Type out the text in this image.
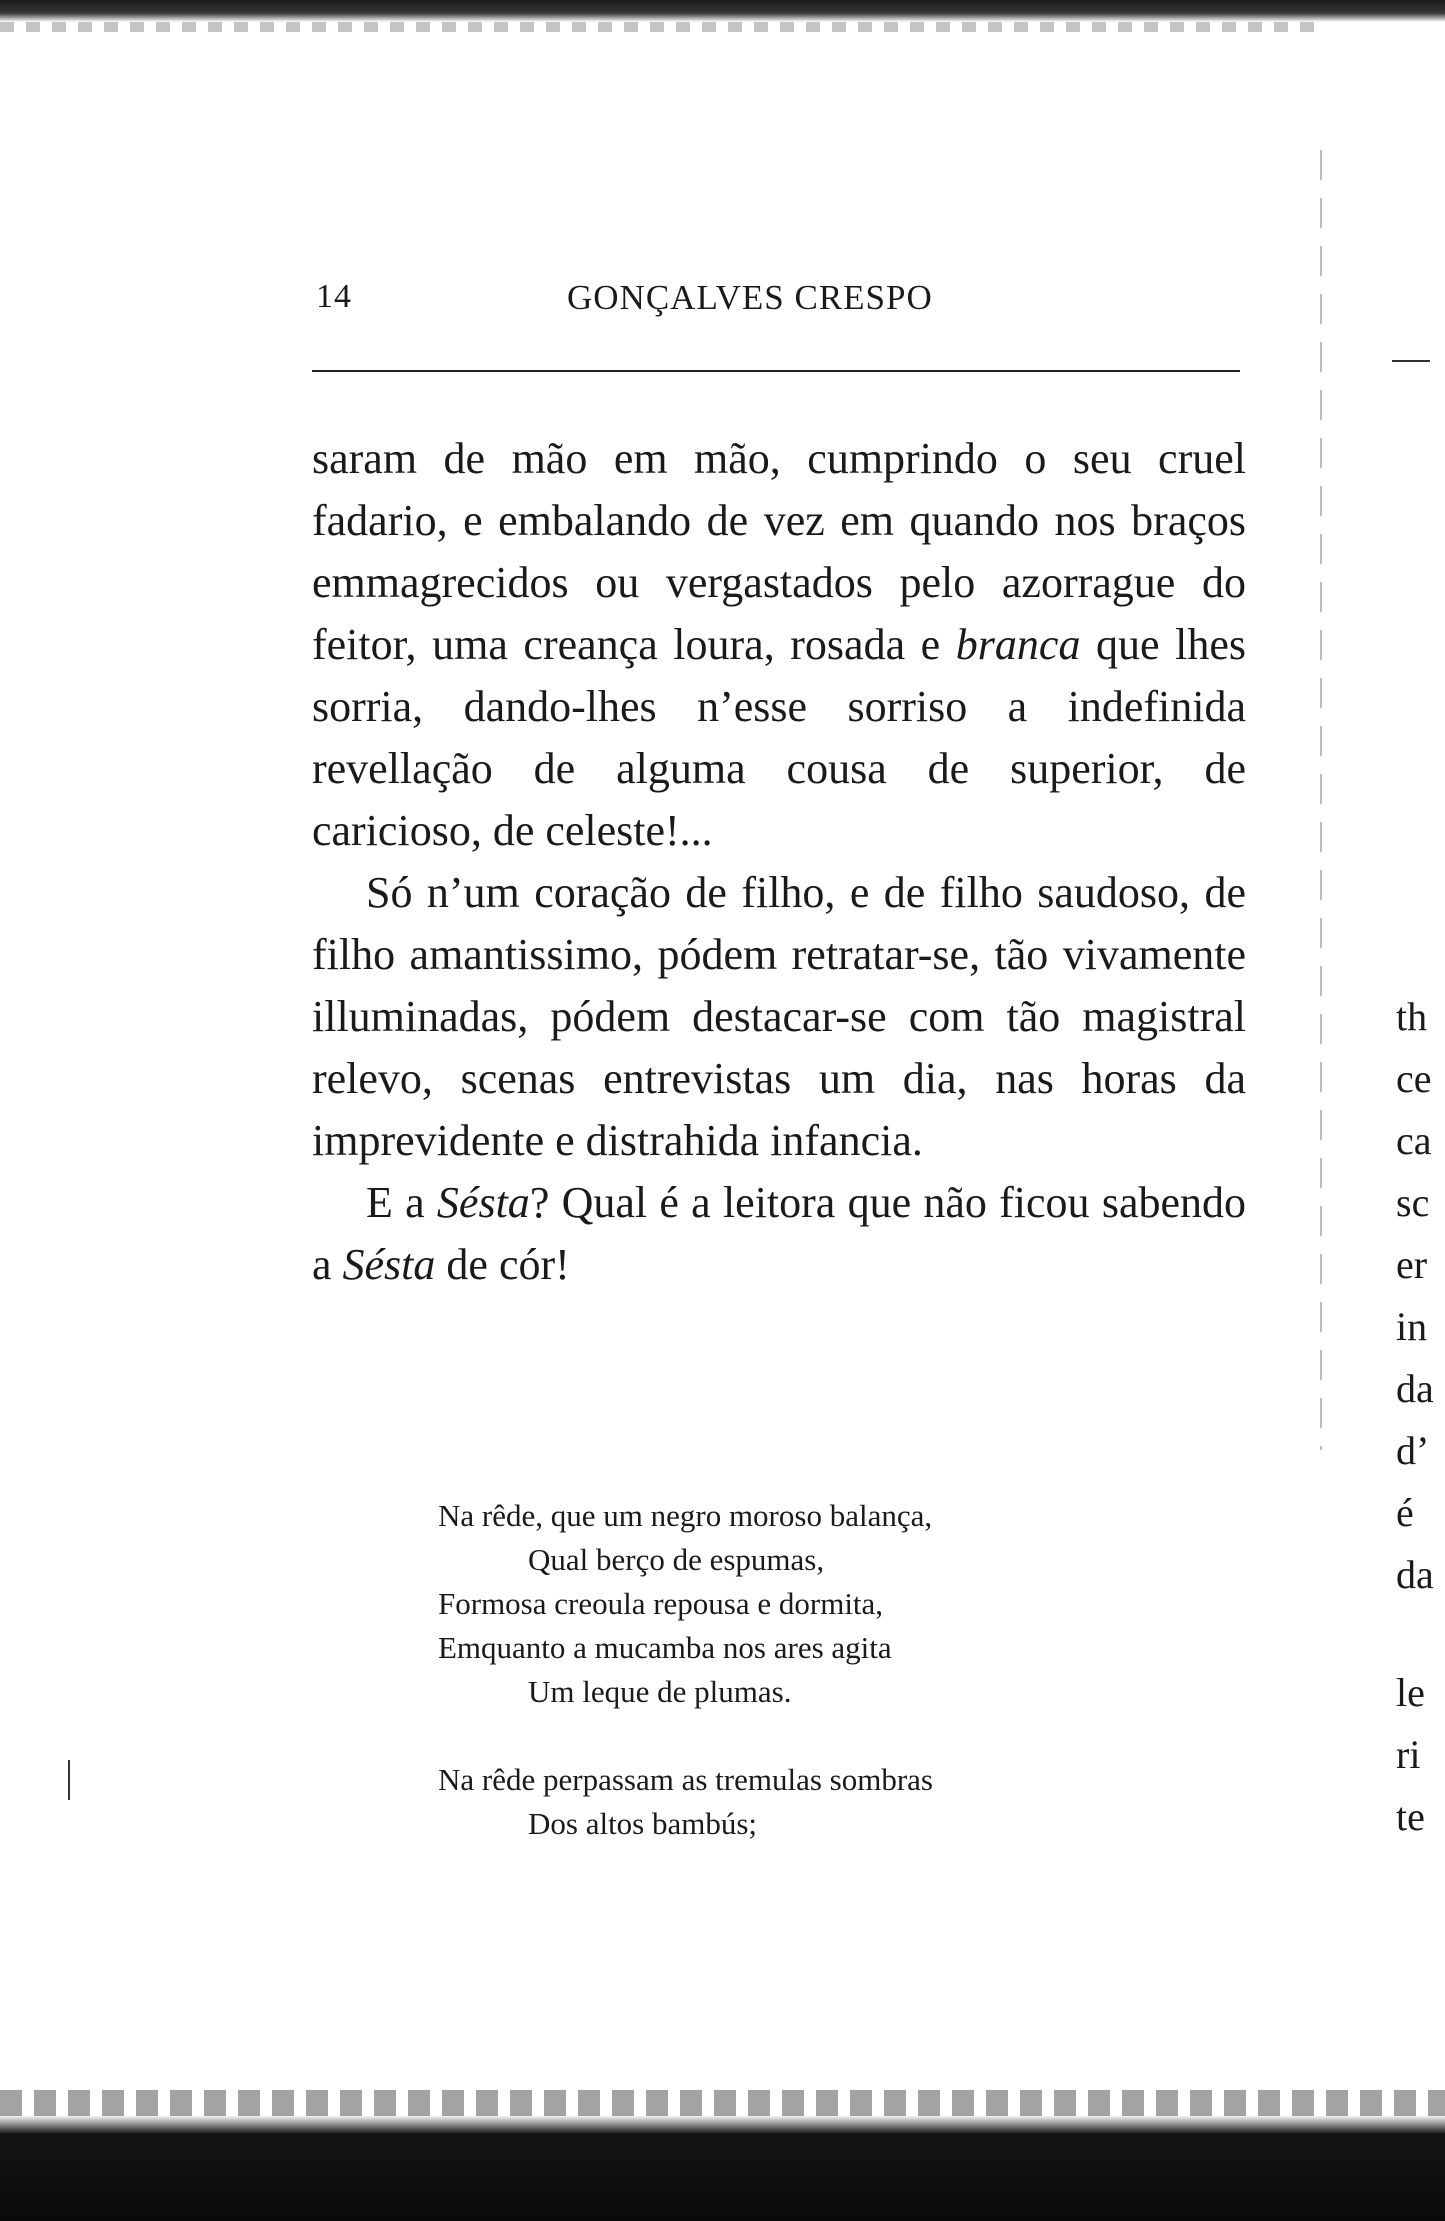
14	GONÇALVES CRESPO

saram de mão em mão, cumprindo o seu cruel fadario, e embalando de vez em quando nos braços emmagrecidos ou vergastados pelo azorrague do feitor, uma creança loura, rosada e branca que lhes sorria, dando-lhes n’esse sorriso a indefinida revellação de alguma cousa de superior, de caricioso, de celeste!...

Só n’um coração de filho, e de filho saudoso, de filho amantissimo, pódem retratar-se, tão vivamente illuminadas, pódem destacar-se com tão magistral relevo, scenas entrevistas um dia, nas horas da imprevidente e distrahida infancia.

E a Sésta? Qual é a leitora que não ficou sabendo a Sésta de cór!

Na rêde, que um negro moroso balança,
Qual berço de espumas,
Formosa creoula repousa e dormita,
Emquanto a mucamba nos ares agita
Um leque de plumas.
Na rêde perpassam as tremulas sombras
Dos altos bambús;
th
ce
ca
sc
er
in
da
d’
é
da
le
ri
te
